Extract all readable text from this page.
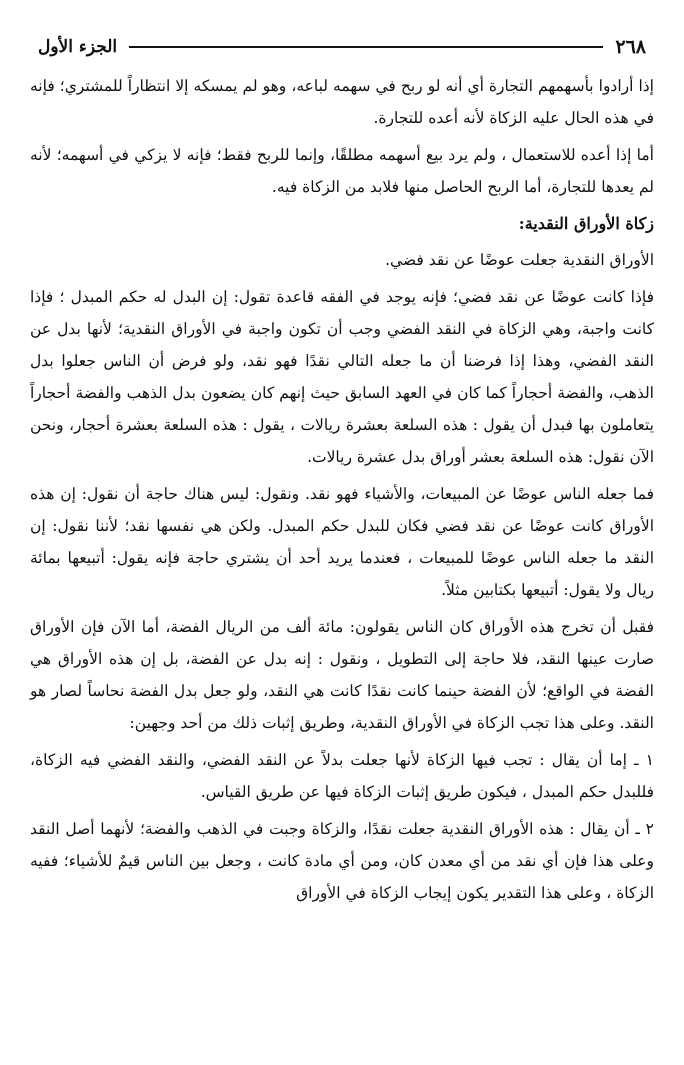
٢٦٨
الجزء الأول

إذا أرادوا بأسهمهم التجارة أي أنه لو ربح في سهمه لباعه، وهو لم يمسكه إلا انتظاراً للمشتري؛ فإنه في هذه الحال عليه الزكاة لأنه أعده للتجارة.

أما إذا أعده للاستعمال ، ولم يرد بيع أسهمه مطلقًا، وإنما للربح فقط؛ فإنه لا يزكي في أسهمه؛ لأنه لم يعدها للتجارة، أما الربح الحاصل منها فلابد من الزكاة فيه.

زكاة الأوراق النقدية:

الأوراق النقدية جعلت عوضًا عن نقد فضي.

فإذا كانت عوضًا عن نقد فضي؛ فإنه يوجد في الفقه قاعدة تقول: إن البدل له حكم المبدل ؛ فإذا كانت واجبة، وهي الزكاة في النقد الفضي وجب أن تكون واجبة في الأوراق النقدية؛ لأنها بدل عن النقد الفضي، وهذا إذا فرضنا أن ما جعله التالي نقدًا فهو نقد، ولو فرض أن الناس جعلوا بدل الذهب، والفضة أحجاراً كما كان في العهد السابق حيث إنهم كان يضعون بدل الذهب والفضة أحجاراً يتعاملون بها فبدل أن يقول : هذه السلعة بعشرة ريالات ، يقول : هذه السلعة بعشرة أحجار، ونحن الآن نقول: هذه السلعة بعشر أوراق بدل عشرة ريالات.

فما جعله الناس عوضًا عن المبيعات، والأشياء فهو نقد. ونقول: ليس هناك حاجة أن نقول: إن هذه الأوراق كانت عوضًا عن نقد فضي فكان للبدل حكم المبدل. ولكن هي نفسها نقد؛ لأننا نقول: إن النقد ما جعله الناس عوضًا للمبيعات ، فعندما يريد أحد أن يشتري حاجة فإنه يقول: أتبيعها بمائة ريال ولا يقول: أتبيعها بكتابين مثلاً.

فقبل أن تخرج هذه الأوراق كان الناس يقولون: مائة ألف من الريال الفضة، أما الآن فإن الأوراق صارت عينها النقد، فلا حاجة إلى التطويل ، ونقول : إنه بدل عن الفضة، بل إن هذه الأوراق هي الفضة في الواقع؛ لأن الفضة حينما كانت نقدًا كانت هي النقد، ولو جعل بدل الفضة نحاساً لصار هو النقد. وعلى هذا تجب الزكاة في الأوراق النقدية، وطريق إثبات ذلك من أحد وجهين:

١ ـ إما أن يقال : تجب فيها الزكاة لأنها جعلت بدلاً عن النقد الفضي، والنقد الفضي فيه الزكاة، فللبدل حكم المبدل ، فيكون طريق إثبات الزكاة فيها عن طريق القياس.

٢ ـ أن يقال : هذه الأوراق النقدية جعلت نقدًا، والزكاة وجبت في الذهب والفضة؛ لأنهما أصل النقد وعلى هذا فإن أي نقد من أي معدن كان، ومن أي مادة كانت ، وجعل بين الناس قيمٌ للأشياء؛ ففيه الزكاة ، وعلى هذا التقدير يكون إيجاب الزكاة في الأوراق
